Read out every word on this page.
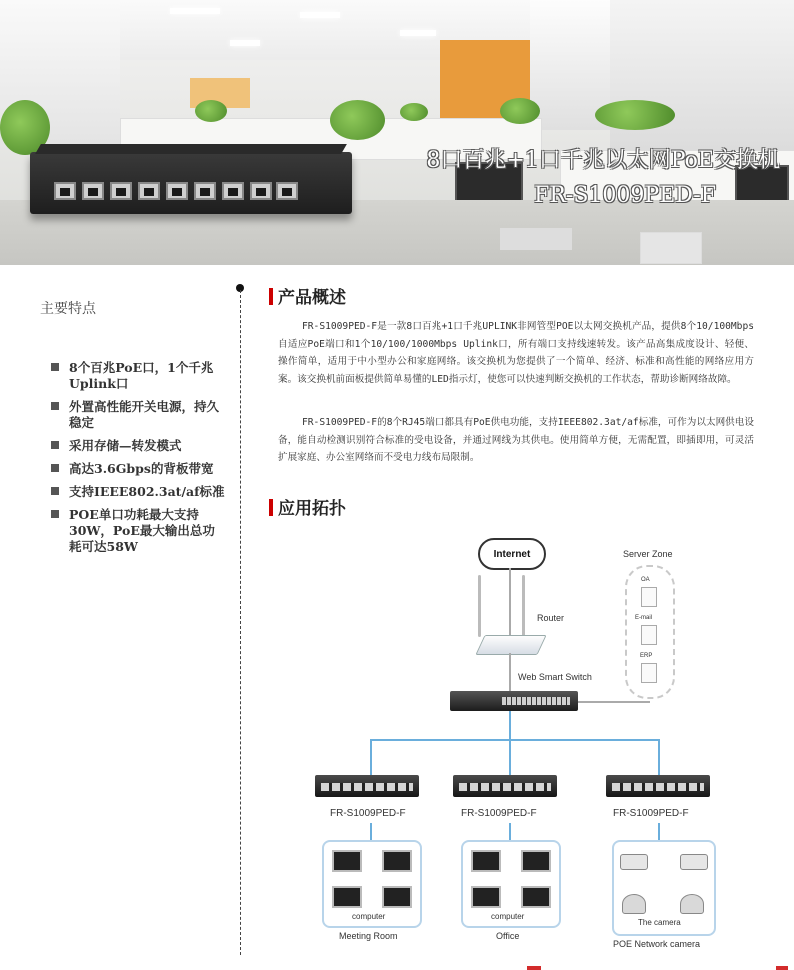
8口百兆+1口千兆以太网PoE交换机
FR-S1009PED-F
主要特点
8个百兆PoE口，1个千兆Uplink口
外置高性能开关电源，持久稳定
采用存储—转发模式
高达3.6Gbps的背板带宽
支持IEEE802.3at/af标准
POE单口功耗最大支持30W，PoE最大输出总功耗可达58W
产品概述

FR-S1009PED-F是一款8口百兆+1口千兆UPLINK非网管型POE以太网交换机产品，提供8个10/100Mbps自适应PoE端口和1个10/100/1000Mbps Uplink口，所有端口支持线速转发。该产品高集成度设计、轻便、操作简单，适用于中小型办公和家庭网络。该交换机为您提供了一个简单、经济、标准和高性能的网络应用方案。该交换机前面板提供简单易懂的LED指示灯，使您可以快速判断交换机的工作状态，帮助诊断网络故障。

FR-S1009PED-F的8个RJ45端口都具有PoE供电功能，支持IEEE802.3at/af标准，可作为以太网供电设备，能自动检测识别符合标准的受电设备，并通过网线为其供电。使用简单方便，无需配置，即插即用，可灵活扩展家庭、办公室网络而不受电力线布局限制。

应用拓扑
Internet
Router
Server Zone
OA
E-mail
ERP
Web Smart Switch
FR-S1009PED-F	FR-S1009PED-F	FR-S1009PED-F
computer
Meeting Room
computer
Office
The camera
POE Network camera
